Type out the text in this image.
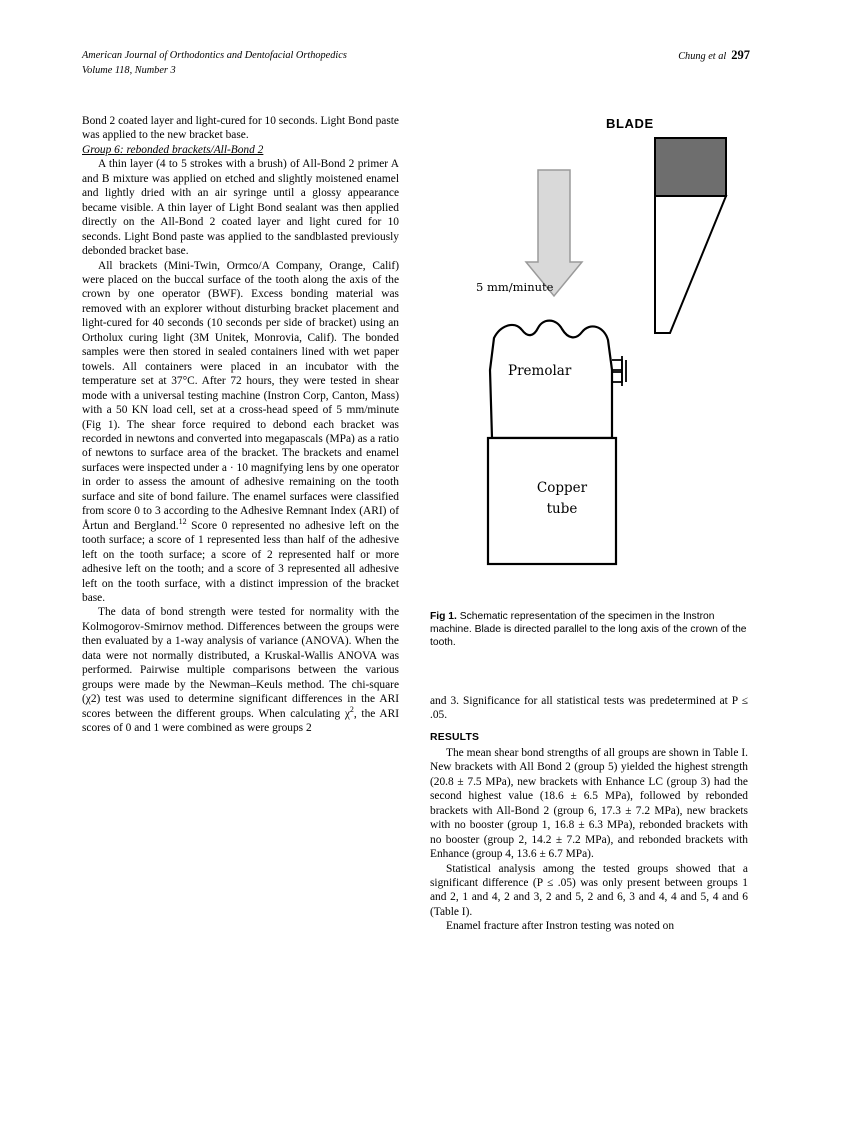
American Journal of Orthodontics and Dentofacial Orthopedics
Volume 118, Number 3
Chung et al 297

Bond 2 coated layer and light-cured for 10 seconds. Light Bond paste was applied to the new bracket base.

Group 6: rebonded brackets/All-Bond 2

A thin layer (4 to 5 strokes with a brush) of All-Bond 2 primer A and B mixture was applied on etched and slightly moistened enamel and lightly dried with an air syringe until a glossy appearance became visible. A thin layer of Light Bond sealant was then applied directly on the All-Bond 2 coated layer and light cured for 10 seconds. Light Bond paste was applied to the sandblasted previously debonded bracket base.

All brackets (Mini-Twin, Ormco/A Company, Orange, Calif) were placed on the buccal surface of the tooth along the axis of the crown by one operator (BWF). Excess bonding material was removed with an explorer without disturbing bracket placement and light-cured for 40 seconds (10 seconds per side of bracket) using an Ortholux curing light (3M Unitek, Monrovia, Calif). The bonded samples were then stored in sealed containers lined with wet paper towels. All containers were placed in an incubator with the temperature set at 37°C. After 72 hours, they were tested in shear mode with a universal testing machine (Instron Corp, Canton, Mass) with a 50 KN load cell, set at a cross-head speed of 5 mm/minute (Fig 1). The shear force required to debond each bracket was recorded in newtons and converted into megapascals (MPa) as a ratio of newtons to surface area of the bracket. The brackets and enamel surfaces were inspected under a · 10 magnifying lens by one operator in order to assess the amount of adhesive remaining on the tooth surface and site of bond failure. The enamel surfaces were classified from score 0 to 3 according to the Adhesive Remnant Index (ARI) of Årtun and Bergland.$^{12}$ Score 0 represented no adhesive left on the tooth surface; a score of 1 represented less than half of the adhesive left on the tooth surface; a score of 2 represented half or more adhesive left on the tooth; and a score of 3 represented all adhesive left on the tooth surface, with a distinct impression of the bracket base.

The data of bond strength were tested for normality with the Kolmogorov-Smirnov method. Differences between the groups were then evaluated by a 1-way analysis of variance (ANOVA). When the data were not normally distributed, a Kruskal-Wallis ANOVA was performed. Pairwise multiple comparisons between the various groups were made by the Newman–Keuls method. The chi-square (χ2) test was used to determine significant differences in the ARI scores between the different groups. When calculating $\chi^2$, the ARI scores of 0 and 1 were combined as were groups 2

BLADE
5 mm/minute
Premolar
Copper
tube
Fig 1. Schematic representation of the specimen in the Instron machine. Blade is directed parallel to the long axis of the crown of the tooth.

and 3. Significance for all statistical tests was predetermined at P ≤ .05.

RESULTS

The mean shear bond strengths of all groups are shown in Table I. New brackets with All Bond 2 (group 5) yielded the highest strength (20.8 ± 7.5 MPa), new brackets with Enhance LC (group 3) had the second highest value (18.6 ± 6.5 MPa), followed by rebonded brackets with All-Bond 2 (group 6, 17.3 ± 7.2 MPa), new brackets with no booster (group 1, 16.8 ± 6.3 MPa), rebonded brackets with no booster (group 2, 14.2 ± 7.2 MPa), and rebonded brackets with Enhance (group 4, 13.6 ± 6.7 MPa).

Statistical analysis among the tested groups showed that a significant difference (P ≤ .05) was only present between groups 1 and 2, 1 and 4, 2 and 3, 2 and 5, 2 and 6, 3 and 4, 4 and 5, 4 and 6 (Table I).

Enamel fracture after Instron testing was noted on
